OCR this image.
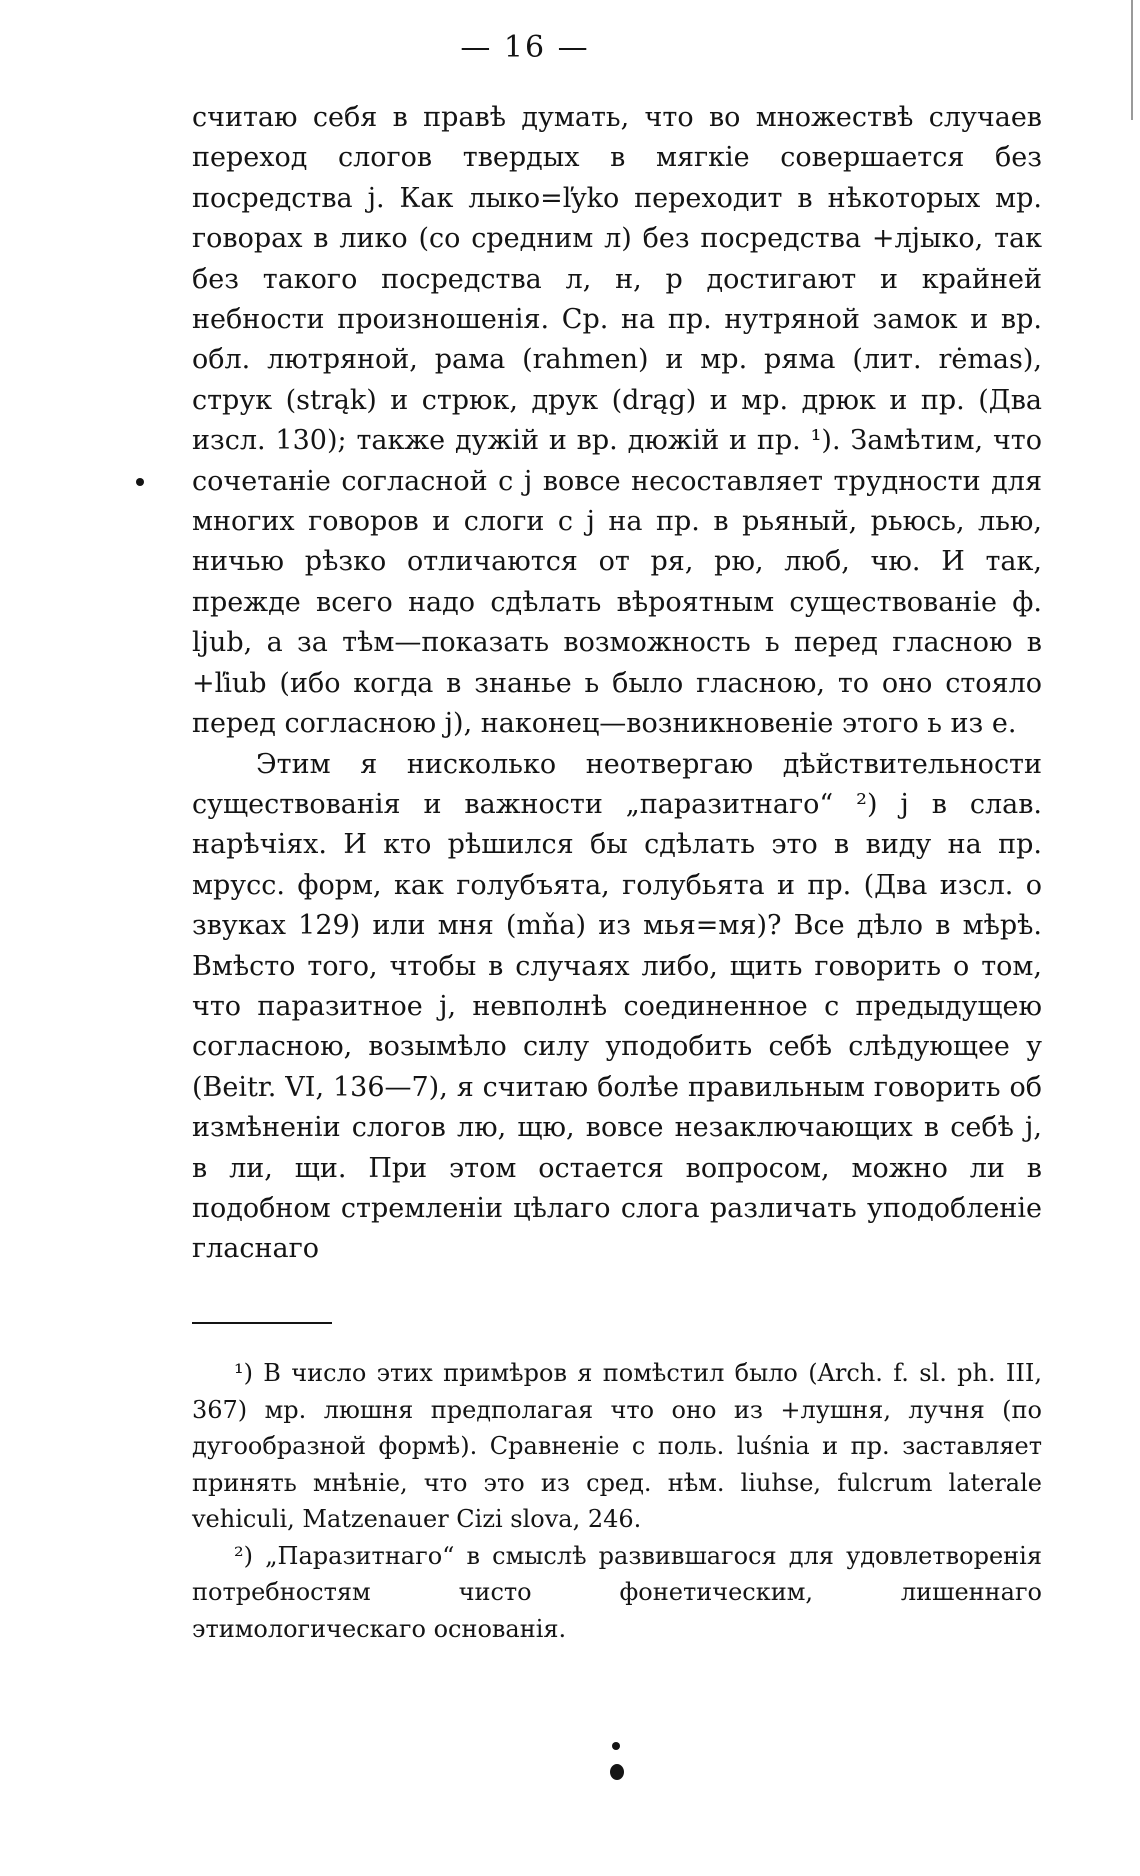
— 16 —

считаю себя в правѣ думать, что во множествѣ случаев переход слогов твердых в мягкіе совершается без посредства j. Как лыко=ľyko переходит в нѣкоторых мр. говорах в лико (со средним л) без посредства +лјыко, так без такого посредства л, н, р достигают и крайней небности произношенія. Ср. на пр. нутряной замок и вр. обл. лютряной, рама (rahmen) и мр. ряма (лит. rėmas), струк (strąk) и стрюк, друк (drąg) и мр. дрюк и пр. (Два изсл. 130); также дужій и вр. дюжій и пр. ¹). Замѣтим, что сочетаніе согласной с j вовсе несоставляет трудности для многих говоров и слоги с j на пр. в рьяный, рьюсь, лью, ничью рѣзко отличаются от ря, рю, люб, чю. И так, прежде всего надо сдѣлать вѣроятным существованіе ф. ljub, а за тѣм—показать возможность ь перед гласною в +ľiub (ибо когда в знанье ь было гласною, то оно стояло перед согласною j), наконец—возникновеніе этого ь из е.

Этим я нисколько неотвергаю дѣйствительности существованія и важности „паразитнаго“ ²) j в слав. нарѣчіях. И кто рѣшился бы сдѣлать это в виду на пр. мрусс. форм, как голубъята, голубьята и пр. (Два изсл. о звуках 129) или мня (mňa) из мья=мя)? Все дѣло в мѣрѣ. Вмѣсто того, чтобы в случаях либо, щить говорить о том, что паразитное j, невполнѣ соединенное с предыдущею согласною, возымѣло силу уподобить себѣ слѣдующее у (Beitr. VI, 136—7), я считаю болѣе правильным говорить об измѣненіи слогов лю, щю, вовсе незаключающих в себѣ j, в ли, щи. При этом остается вопросом, можно ли в подобном стремленіи цѣлаго слога различать уподобленіе гласнаго

¹) В число этих примѣров я помѣстил было (Arch. f. sl. ph. III, 367) мр. люшня предполагая что оно из +лушня, лучня (по дугообразной формѣ). Сравненіе с поль. luśnia и пр. заставляет принять мнѣніе, что это из сред. нѣм. liuhse, fulcrum laterale vehiculi, Matzenauer Cizi slova, 246.

²) „Паразитнаго“ в смыслѣ развившагося для удовлетворенія потребностям чисто фонетическим, лишеннаго этимологическаго основанія.
